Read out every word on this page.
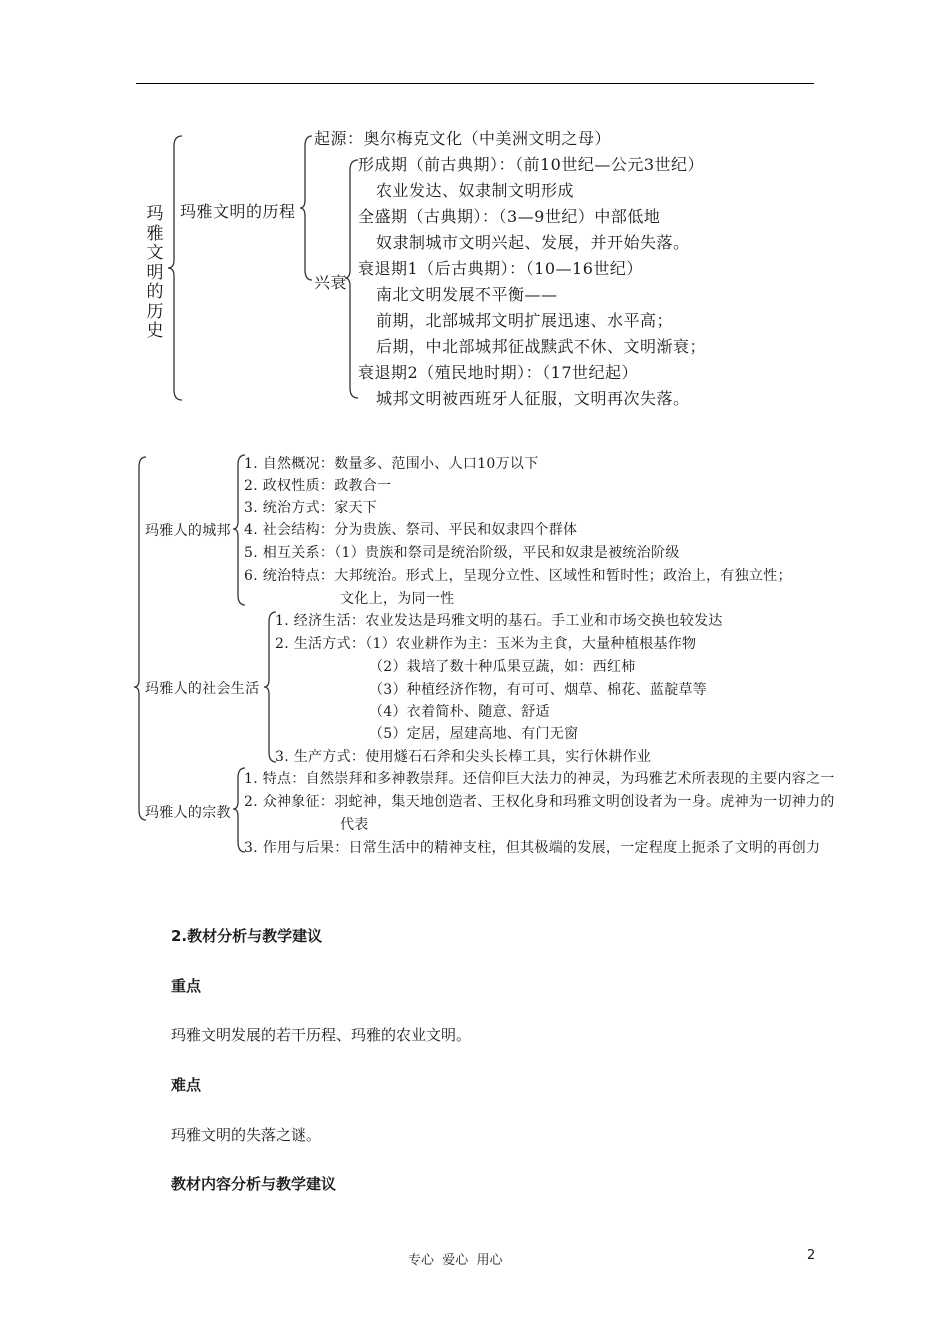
玛雅文明的历史
玛雅文明的历程
起源：奥尔梅克文化（中美洲文明之母）
兴衰
形成期（前古典期）：（前10世纪—公元3世纪）
农业发达、奴隶制文明形成
全盛期（古典期）：（3—9世纪）中部低地
奴隶制城市文明兴起、发展，并开始失落。
衰退期1（后古典期）：（10—16世纪）
南北文明发展不平衡——
前期，北部城邦文明扩展迅速、水平高；
后期，中北部城邦征战黩武不休、文明渐衰；
衰退期2（殖民地时期）：（17世纪起）
城邦文明被西班牙人征服，文明再次失落。
玛雅人的城邦
1. 自然概况：数量多、范围小、人口10万以下
2. 政权性质：政教合一
3. 统治方式：家天下
4. 社会结构：分为贵族、祭司、平民和奴隶四个群体
5. 相互关系：（1）贵族和祭司是统治阶级，平民和奴隶是被统治阶级
6. 统治特点：大邦统治。形式上，呈现分立性、区域性和暂时性；政治上，有独立性；
文化上，为同一性
玛雅人的社会生活
1. 经济生活：农业发达是玛雅文明的基石。手工业和市场交换也较发达
2. 生活方式：（1）农业耕作为主：玉米为主食，大量种植根基作物
（2）栽培了数十种瓜果豆蔬，如：西红柿
（3）种植经济作物，有可可、烟草、棉花、蓝靛草等
（4）衣着简朴、随意、舒适
（5）定居，屋建高地、有门无窗
3. 生产方式：使用燧石石斧和尖头长棒工具，实行休耕作业
玛雅人的宗教
1. 特点：自然崇拜和多神教崇拜。还信仰巨大法力的神灵，为玛雅艺术所表现的主要内容之一
2. 众神象征：羽蛇神，集天地创造者、王权化身和玛雅文明创设者为一身。虎神为一切神力的
代表
3. 作用与后果：日常生活中的精神支柱，但其极端的发展，一定程度上扼杀了文明的再创力
2.教材分析与教学建议
重点
玛雅文明发展的若干历程、玛雅的农业文明。
难点
玛雅文明的失落之谜。
教材内容分析与教学建议
专心  爱心  用心	2
